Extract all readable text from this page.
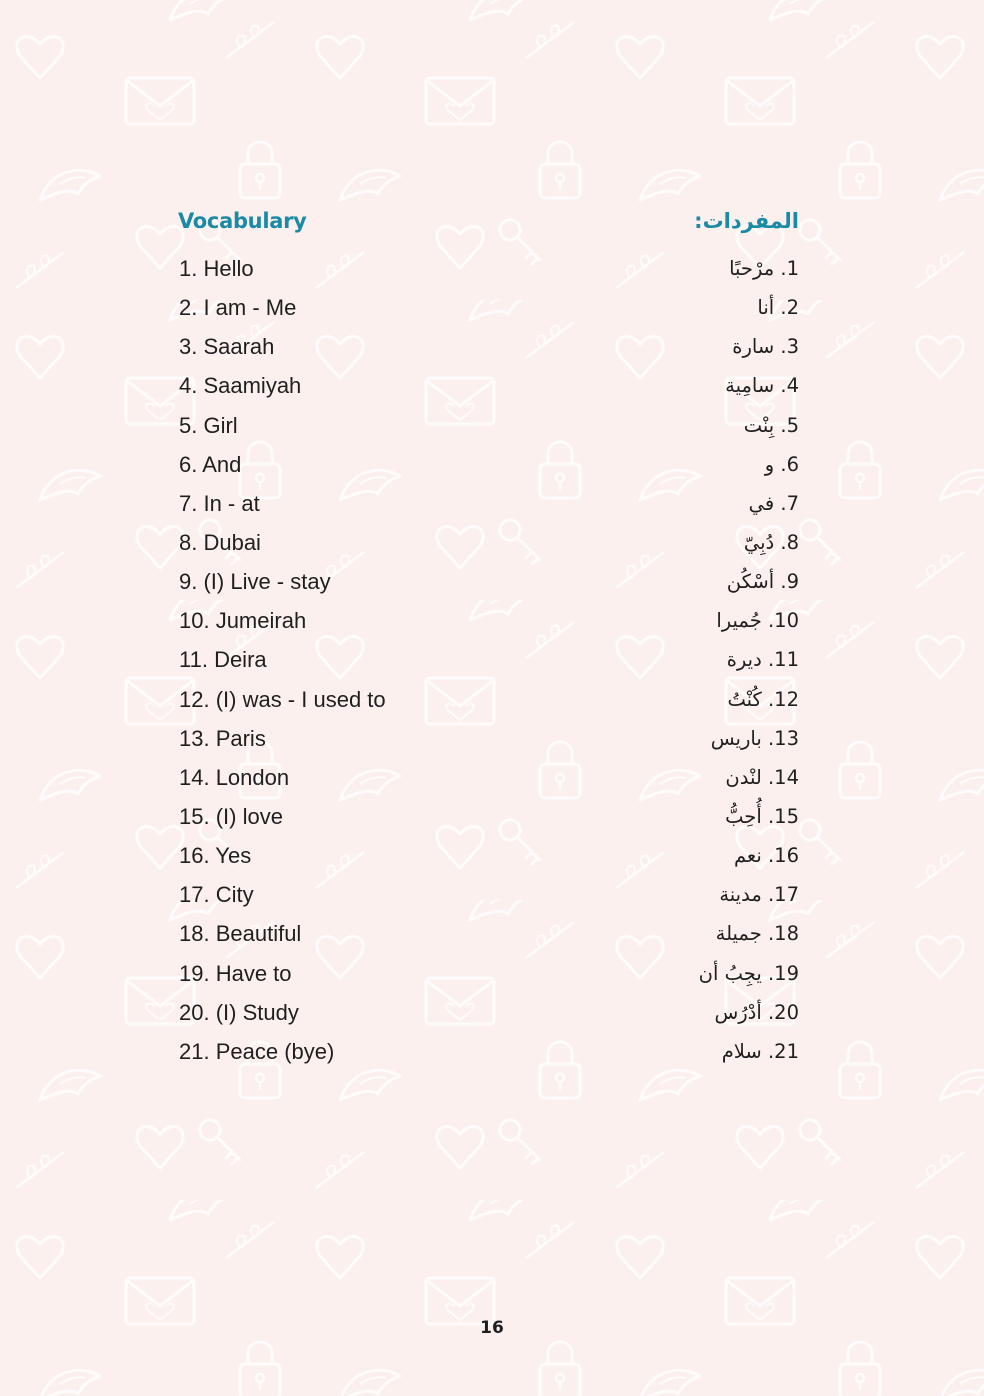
Vocabulary	المفردات:
1. Hello
2. I am - Me
3. Saarah
4. Saamiyah
5. Girl
6. And
7. In - at
8. Dubai
9. (I) Live - stay
10. Jumeirah
11. Deira
12. (I) was - I used to
13. Paris
14. London
15. (I) love
16. Yes
17. City
18. Beautiful
19. Have to
20. (I) Study
21. Peace (bye)
1. مرْحبًا
2. أنا
3. سارة
4. سامِية
5. بِنْت
6. و
7. في
8. دُبِيّ
9. أسْكُن
10. جُميرا
11. ديرة
12. كُنْتُ
13. باريس
14. لنْدن
15. أُحِبُّ
16. نعم
17. مدينة
18. جميلة
19. يجِبُ أن
20. أدْرُس
21. سلام
16
